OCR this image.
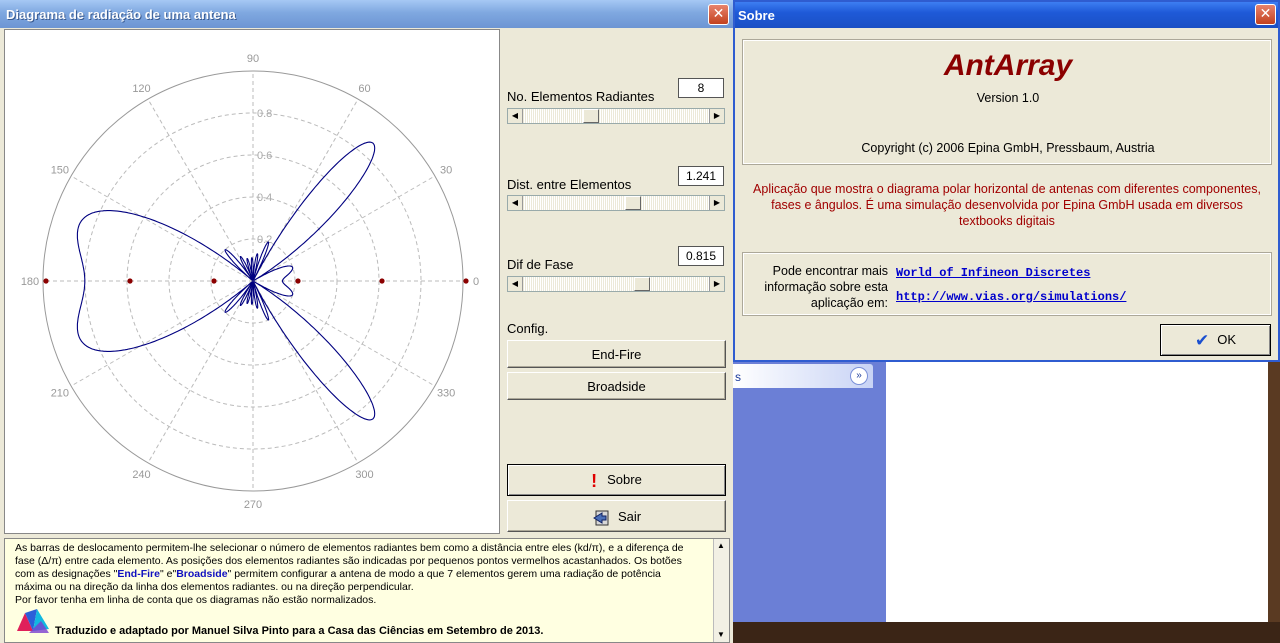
Diagrama de radiação de uma antena	✕
90
60
30
0
330
300
270
240
210
180
150
120
0.2
0.4
0.6
0.8
No. Elementos Radiantes
8
◀	▶
Dist. entre Elementos
1.241
◀	▶
Dif de Fase
0.815
◀	▶
Config.
End-Fire
Broadside
! Sobre
Sair
As barras de deslocamento permitem-lhe selecionar o número de elementos radiantes bem como a distância entre eles (kd/π), e a diferença de
fase (Δ/π) entre cada elemento. As posições dos elementos radiantes são indicadas por pequenos pontos vermelhos acastanhados. Os botões
com as designações "End-Fire" e"Broadside" permitem configurar a antena de modo a que 7 elementos gerem uma radiação de potência
máxima ou na direção da linha dos elementos radiantes. ou na direção perpendicular.
Por favor tenha em linha de conta que os diagramas não estão normalizados.
Traduzido e adaptado por Manuel Silva Pinto para a Casa das Ciências em Setembro de 2013.
▲
▼
s	»
Sobre	✕
AntArray
Version 1.0
Copyright (c) 2006 Epina GmbH, Pressbaum, Austria
Aplicação que mostra o diagrama polar horizontal de antenas com diferentes componentes,
fases e ângulos. É uma simulação desenvolvida por Epina GmbH usada em diversos
textbooks digitais
Pode encontrar mais
informação sobre esta
aplicação em:
World of Infineon Discretes
http://www.vias.org/simulations/
✔ OK
